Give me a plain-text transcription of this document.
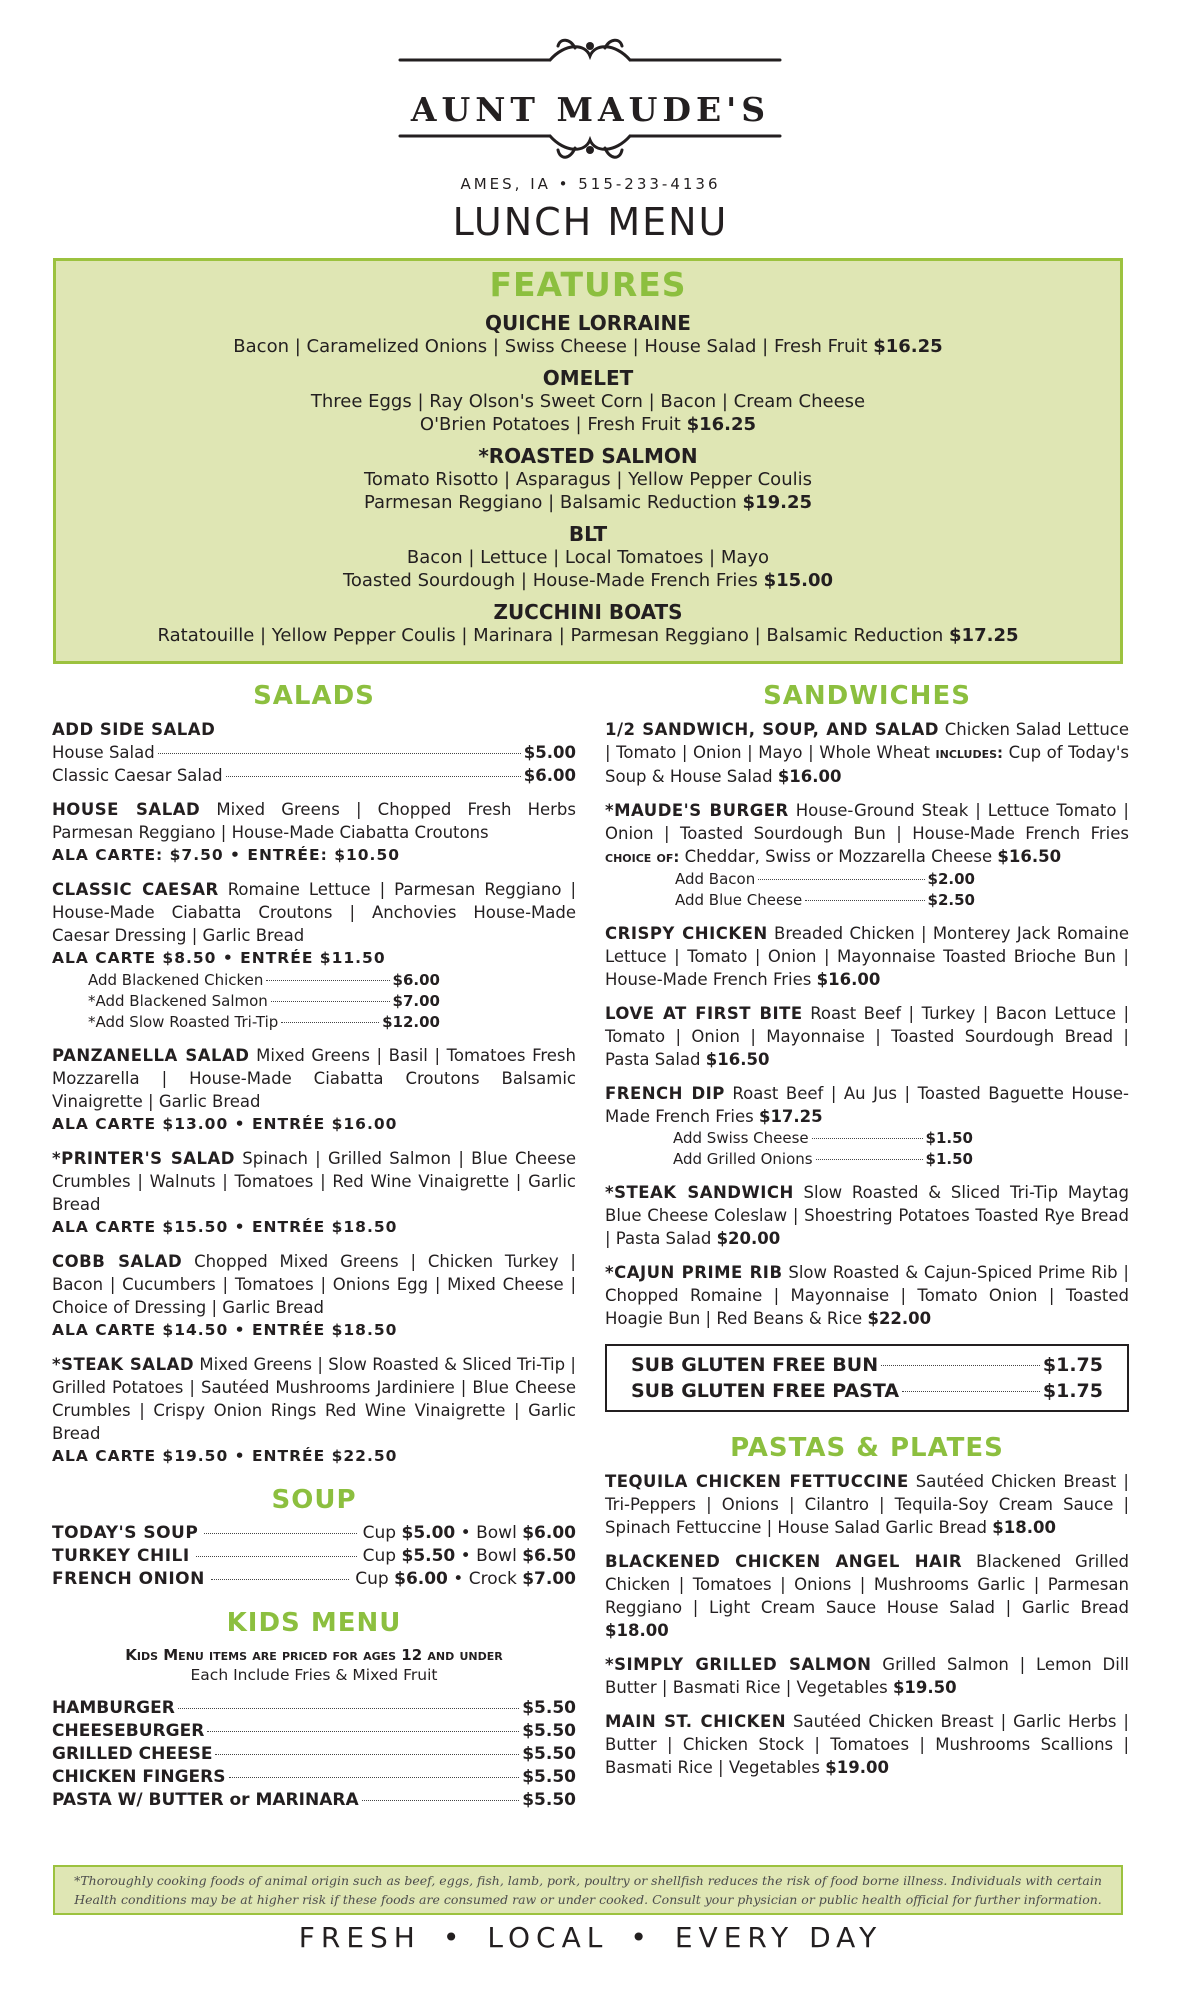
AUNT MAUDE'S
AMES, IA • 515-233-4136
LUNCH MENU
FEATURES
QUICHE LORRAINE
Bacon | Caramelized Onions | Swiss Cheese | House Salad | Fresh Fruit $16.25
OMELET
Three Eggs | Ray Olson's Sweet Corn | Bacon | Cream Cheese
O'Brien Potatoes | Fresh Fruit $16.25
*ROASTED SALMON
Tomato Risotto | Asparagus | Yellow Pepper Coulis
Parmesan Reggiano | Balsamic Reduction $19.25
BLT
Bacon | Lettuce | Local Tomatoes | Mayo
Toasted Sourdough | House-Made French Fries $15.00
ZUCCHINI BOATS
Ratatouille | Yellow Pepper Coulis | Marinara | Parmesan Reggiano | Balsamic Reduction $17.25
SALADS
ADD SIDE SALAD
House Salad	$5.00
Classic Caesar Salad	$6.00
HOUSE SALAD Mixed Greens | Chopped Fresh Herbs Parmesan Reggiano | House-Made Ciabatta Croutons
ALA CARTE: $7.50 • ENTRÉE: $10.50
CLASSIC CAESAR Romaine Lettuce | Parmesan Reggiano | House-Made Ciabatta Croutons | Anchovies House-Made Caesar Dressing | Garlic Bread
ALA CARTE $8.50 • ENTRÉE $11.50
Add Blackened Chicken	$6.00
*Add Blackened Salmon	$7.00
*Add Slow Roasted Tri-Tip	$12.00
PANZANELLA SALAD Mixed Greens | Basil | Tomatoes Fresh Mozzarella | House-Made Ciabatta Croutons Balsamic Vinaigrette | Garlic Bread
ALA CARTE $13.00 • ENTRÉE $16.00
*PRINTER'S SALAD Spinach | Grilled Salmon | Blue Cheese Crumbles | Walnuts | Tomatoes | Red Wine Vinaigrette | Garlic Bread
ALA CARTE $15.50 • ENTRÉE $18.50
COBB SALAD Chopped Mixed Greens | Chicken Turkey | Bacon | Cucumbers | Tomatoes | Onions Egg | Mixed Cheese | Choice of Dressing | Garlic Bread
ALA CARTE $14.50 • ENTRÉE $18.50
*STEAK SALAD Mixed Greens | Slow Roasted & Sliced Tri-Tip | Grilled Potatoes | Sautéed Mushrooms Jardiniere | Blue Cheese Crumbles | Crispy Onion Rings Red Wine Vinaigrette | Garlic Bread
ALA CARTE $19.50 • ENTRÉE $22.50
SOUP
TODAY'S SOUP	Cup $5.00 • Bowl $6.00
TURKEY CHILI	Cup $5.50 • Bowl $6.50
FRENCH ONION	Cup $6.00 • Crock $7.00
KIDS MENU
Kids Menu items are priced for ages 12 and under
Each Include Fries & Mixed Fruit
HAMBURGER	$5.50
CHEESEBURGER	$5.50
GRILLED CHEESE	$5.50
CHICKEN FINGERS	$5.50
PASTA W/ BUTTER or MARINARA	$5.50
SANDWICHES
1/2 SANDWICH, SOUP, AND SALAD Chicken Salad Lettuce | Tomato | Onion | Mayo | Whole Wheat includes: Cup of Today's Soup & House Salad $16.00
*MAUDE'S BURGER House-Ground Steak | Lettuce Tomato | Onion | Toasted Sourdough Bun | House-Made French Fries choice of: Cheddar, Swiss or Mozzarella Cheese $16.50
Add Bacon	$2.00
Add Blue Cheese	$2.50
CRISPY CHICKEN Breaded Chicken | Monterey Jack Romaine Lettuce | Tomato | Onion | Mayonnaise Toasted Brioche Bun | House-Made French Fries $16.00
LOVE AT FIRST BITE Roast Beef | Turkey | Bacon Lettuce | Tomato | Onion | Mayonnaise | Toasted Sourdough Bread | Pasta Salad $16.50
FRENCH DIP Roast Beef | Au Jus | Toasted Baguette House-Made French Fries $17.25
Add Swiss Cheese	$1.50
Add Grilled Onions	$1.50
*STEAK SANDWICH Slow Roasted & Sliced Tri-Tip Maytag Blue Cheese Coleslaw | Shoestring Potatoes Toasted Rye Bread | Pasta Salad $20.00
*CAJUN PRIME RIB Slow Roasted & Cajun-Spiced Prime Rib | Chopped Romaine | Mayonnaise | Tomato Onion | Toasted Hoagie Bun | Red Beans & Rice $22.00
SUB GLUTEN FREE BUN	$1.75
SUB GLUTEN FREE PASTA	$1.75
PASTAS & PLATES
TEQUILA CHICKEN FETTUCCINE Sautéed Chicken Breast | Tri-Peppers | Onions | Cilantro | Tequila-Soy Cream Sauce | Spinach Fettuccine | House Salad Garlic Bread $18.00
BLACKENED CHICKEN ANGEL HAIR Blackened Grilled Chicken | Tomatoes | Onions | Mushrooms Garlic | Parmesan Reggiano | Light Cream Sauce House Salad | Garlic Bread $18.00
*SIMPLY GRILLED SALMON Grilled Salmon | Lemon Dill Butter | Basmati Rice | Vegetables $19.50
MAIN ST. CHICKEN Sautéed Chicken Breast | Garlic Herbs | Butter | Chicken Stock | Tomatoes | Mushrooms Scallions | Basmati Rice | Vegetables $19.00
*Thoroughly cooking foods of animal origin such as beef, eggs, fish, lamb, pork, poultry or shellfish reduces the risk of food borne illness. Individuals with certain
Health conditions may be at higher risk if these foods are consumed raw or under cooked. Consult your physician or public health official for further information.
FRESH • LOCAL • EVERY DAY
